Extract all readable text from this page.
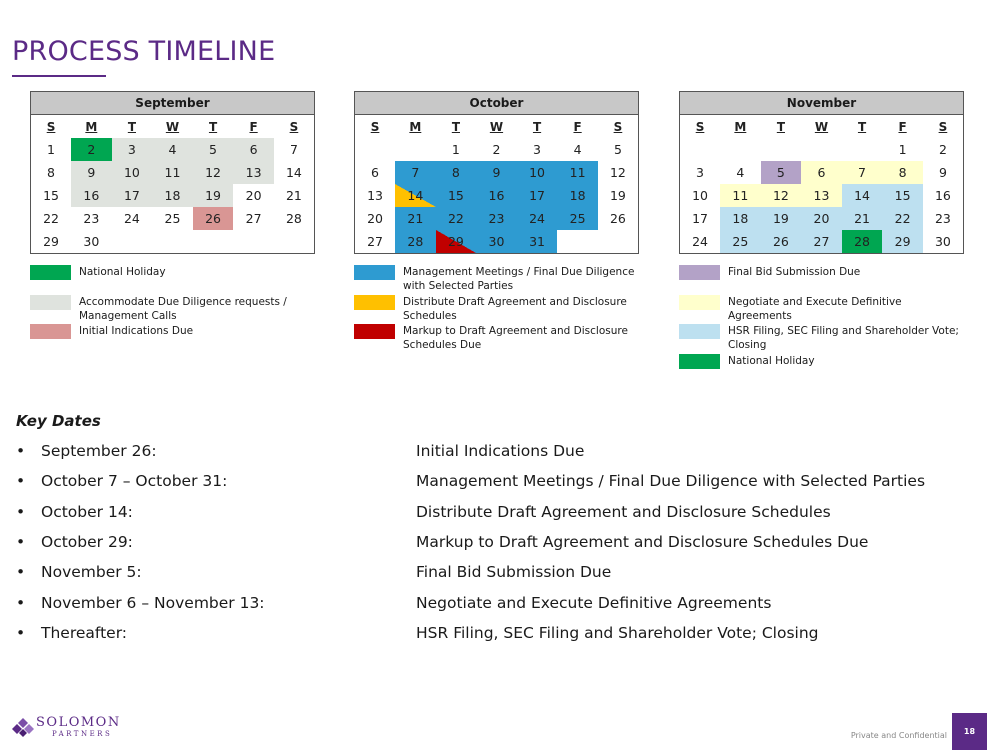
PROCESS TIMELINE
September						
S	M	T	W	T	F	S
1	2	3	4	5	6	7
8	9	10	11	12	13	14
15	16	17	18	19	20	21
22	23	24	25	26	27	28
29	30					
October						
S	M	T	W	T	F	S
		1	2	3	4	5
6	7	8	9	10	11	12
13	14	15	16	17	18	19
20	21	22	23	24	25	26
27	28	29	30	31		
November						
S	M	T	W	T	F	S
					1	2
3	4	5	6	7	8	9
10	11	12	13	14	15	16
17	18	19	20	21	22	23
24	25	26	27	28	29	30
National Holiday
Accommodate Due Diligence requests / Management Calls
Initial Indications Due
Management Meetings / Final Due Diligence with Selected Parties
Distribute Draft Agreement and Disclosure Schedules
Markup to Draft Agreement and Disclosure Schedules Due
Final Bid Submission Due
Negotiate and Execute Definitive Agreements
HSR Filing, SEC Filing and Shareholder Vote; Closing
National Holiday
Key Dates
• September 26:	Initial Indications Due
• October 7 – October 31:	Management Meetings / Final Due Diligence with Selected Parties
• October 14:	Distribute Draft Agreement and Disclosure Schedules
• October 29:	Markup to Draft Agreement and Disclosure Schedules Due
• November 5:	Final Bid Submission Due
• November 6 – November 13:	Negotiate and Execute Definitive Agreements
• Thereafter:	HSR Filing, SEC Filing and Shareholder Vote; Closing
SOLOMON
PARTNERS	Private and Confidential	18
